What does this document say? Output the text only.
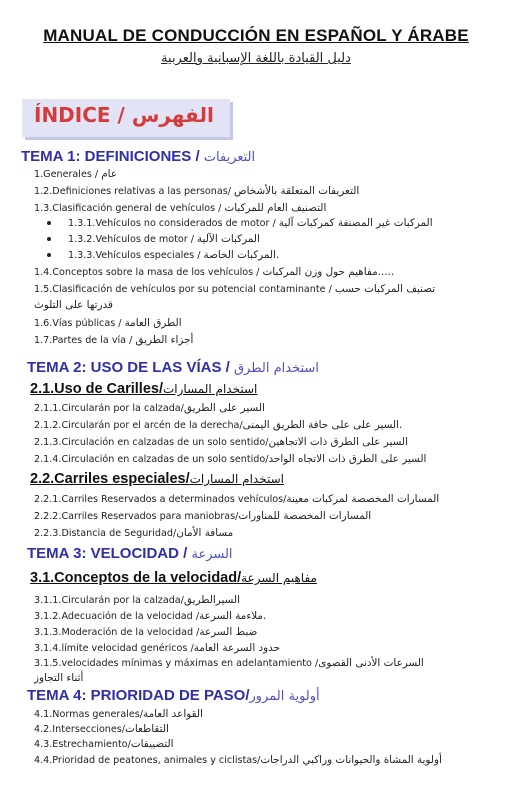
MANUAL DE CONDUCCIÓN EN ESPAÑOL Y ÁRABE
دليل القيادة باللغة الإسبانية والعربية
ÍNDICE / الفهرس
TEMA 1: DEFINICIONES / التعريفات
1.Generales / عام
1.2.Definiciones relativas a las personas/ التعريفات المتعلقة بالأشخاص
1.3.Clasificación general de vehículos / التصنيف العام للمركبات
1.3.1.Vehículos no considerados de motor / المركبات غير المصنفة كمركبات آلية
1.3.2.Vehículos de motor / المركبات الآلية
1.3.3.Vehículos especiales / المركبات الخاصة.
1.4.Conceptos sobre la masa de los vehículos / مفاهيم حول وزن المركبات.....
1.5.Clasificación de vehículos por su potencial contaminante / تصنيف المركبات حسب
قدرتها على التلوث
1.6.Vías públicas / الطرق العامة
1.7.Partes de la vía / أجزاء الطريق
TEMA 2: USO DE LAS VÍAS / استخدام الطرق
2.1.Uso de Carilles/استخدام المسارات
2.1.1.Circularán por la calzada/السير على الطريق
2.1.2.Circularán por el arcén de la derecha/السير على على حافة الطريق اليمنى.
2.1.3.Circulación en calzadas de un solo sentido/السير على الطرق ذات الاتجاهين
2.1.4.Circulación en calzadas de un solo sentido/السير على الطرق ذات الاتجاه الواحد
2.2.Carriles especiales/استخدام المسارات
2.2.1.Carriles Reservados a determinados vehículos/المسارات المخصصة لمركبات معينة
2.2.2.Carriles Reservados para maniobras/المسارات المخصصة للمناورات
2.2.3.Distancia de Seguridad/مسافة الأمان
TEMA 3: VELOCIDAD / السرعة
3.1.Conceptos de la velocidad/مفاهيم السرعة
3.1.1.Circularán por la calzada/السيرالطريق
3.1.2.Adecuación de la velocidad /ملاءمة السرعة.
3.1.3.Moderación de la velocidad /ضبط السرعة
3.1.4.límite velocidad genéricos /حدود السرعة العامة
3.1.5.velocidades mínimas y máximas en adelantamiento /السرعات الأدنى القصوى
أثناء التجاوز
TEMA 4: PRIORIDAD DE PASO/أولوية المرور
4.1.Normas generales/القواعد العامة
4.2.Intersecciones/التقاطعات
4.3.Estrechamiento/التضييقات
4.4.Prioridad de peatones, animales y ciclistas/أولوية المشاة والحيوانات وراكبي الدراجات
